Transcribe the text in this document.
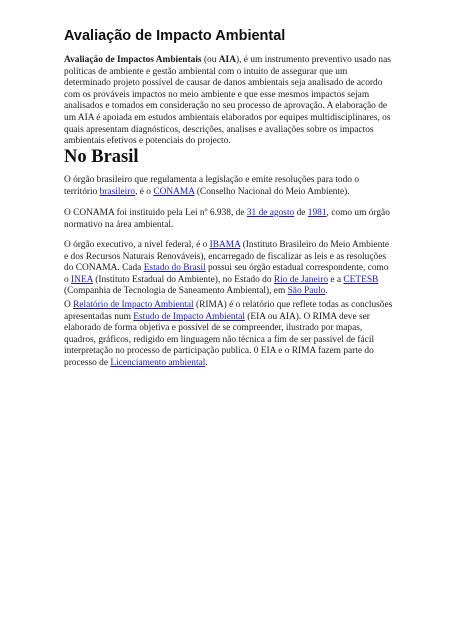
Avaliação de Impacto Ambiental

Avaliação de Impactos Ambientais (ou AIA), é um instrumento preventivo usado nas políticas de ambiente e gestão ambiental com o intuito de assegurar que um determinado projeto possível de causar de danos ambientais seja analisado de acordo com os prováveis impactos no meio ambiente e que esse mesmos impactos sejam analisados e tomados em consideração no seu processo de aprovação. A elaboração de um AIA é apoiada em estudos ambientais elaborados por equipes multidisciplinares, os quais apresentam diagnósticos, descrições, analises e avaliações sobre os impactos ambientais efetivos e potenciais do projecto.

No Brasil

O órgão brasileiro que regulamenta a legislação e emite resoluções para todo o território brasileiro, é o CONAMA (Conselho Nacional do Meio Ambiente).

O CONAMA foi instituido pela Lei nº 6.938, de 31 de agosto de 1981, como um órgão normativo na área ambiental.

O órgão executivo, a nível federal, é o IBAMA (Instituto Brasileiro do Meio Ambiente e dos Recursos Naturais Renováveis), encarregado de fiscalizar as leis e as resoluções do CONAMA. Cada Estado do Brasil possui seu órgão estadual correspondente, como o INEA (Instituto Estadual do Ambiente), no Estado do Rio de Janeiro e a CETESB (Companhia de Tecnologia de Saneamento Ambiental), em São Paulo.

O Relatório de Impacto Ambiental (RIMA) é o relatório que reflete todas as conclusões apresentadas num Estudo de Impacto Ambiental (EIA ou AIA). O RIMA deve ser elaborado de forma objetiva e possível de se compreender, ilustrado por mapas, quadros, gráficos, redigido em linguagem não técnica a fim de ser passível de fácil interpretação no processo de participação publica. 0 EIA e o RIMA fazem parte do processo de Licenciamento ambiental.
